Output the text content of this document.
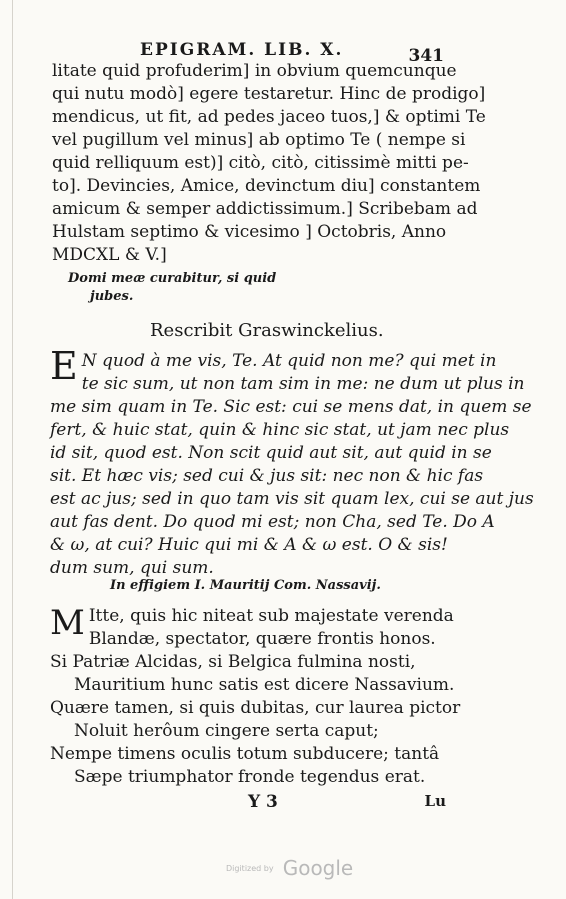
EPIGRAM. LIB. X.	341
litate quid profuderim] in obvium quemcunque
qui nutu modò] egere testaretur. Hinc de prodigo]
mendicus, ut fit, ad pedes jaceo tuos,] & optimi Te
vel pugillum vel minus] ab optimo Te ( nempe si
quid relliquum est)] citò, citò, citissimè mitti pe-
to]. Devincies, Amice, devinctum diu] constantem
amicum & semper addictissimum.] Scribebam ad
Hulstam septimo & vicesimo ] Octobris, Anno
MDCXL & V.]
Domi meæ curabitur, si quid
jubes.
Rescribit Graswinckelius.
E N quod à me vis, Te. At quid non me? qui met in
te sic sum, ut non tam sim in me: ne dum ut plus in
me sim quam in Te. Sic est: cui se mens dat, in quem se
fert, & huic stat, quin & hinc sic stat, ut jam nec plus
id sit, quod est. Non scit quid aut sit, aut quid in se
sit. Et hæc vis; sed cui & jus sit: nec non & hic fas
est ac jus; sed in quo tam vis sit quam lex, cui se aut jus
aut fas dent. Do quod mi est; non Cha, sed Te. Do A
& ω, at cui? Huic qui mi & A & ω est. O & sis!
dum sum, qui sum.
In effigiem I. Mauritij Com. Nassavij.
M Itte, quis hic niteat sub majestate verenda
Blandæ, spectator, quære frontis honos.
Si Patriæ Alcidas, si Belgica fulmina nosti,
Mauritium hunc satis est dicere Nassavium.
Quære tamen, si quis dubitas, cur laurea pictor
Noluit herôum cingere serta caput;
Nempe timens oculis totum subducere; tantâ
Sæpe triumphator fronde tegendus erat.
Y 3	Lu
Digitized by Google
